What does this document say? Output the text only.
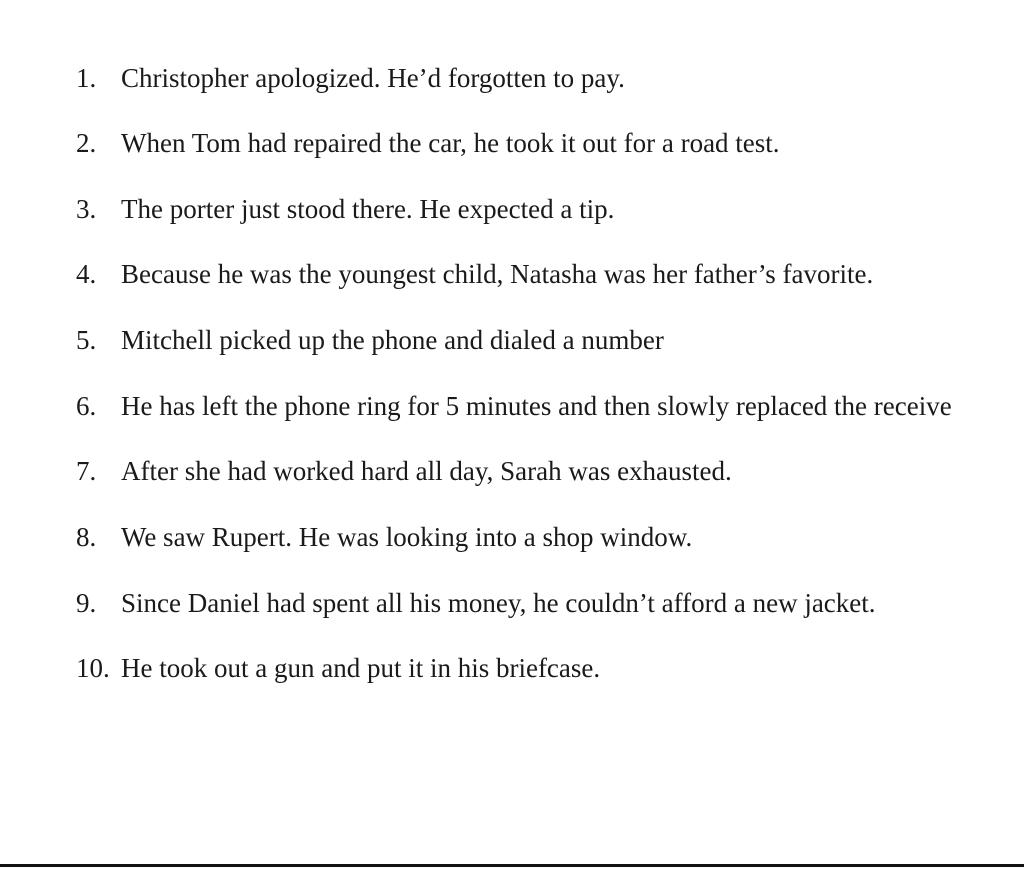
1. Christopher apologized. He’d forgotten to pay.
2. When Tom had repaired the car, he took it out for a road test.
3. The porter just stood there. He expected a tip.
4. Because he was the youngest child, Natasha was her father’s favorite.
5. Mitchell picked up the phone and dialed a number
6. He has left the phone ring for 5 minutes and then slowly replaced the receive
7. After she had worked hard all day, Sarah was exhausted.
8. We saw Rupert. He was looking into a shop window.
9. Since Daniel had spent all his money, he couldn’t afford a new jacket.
10. He took out a gun and put it in his briefcase.
